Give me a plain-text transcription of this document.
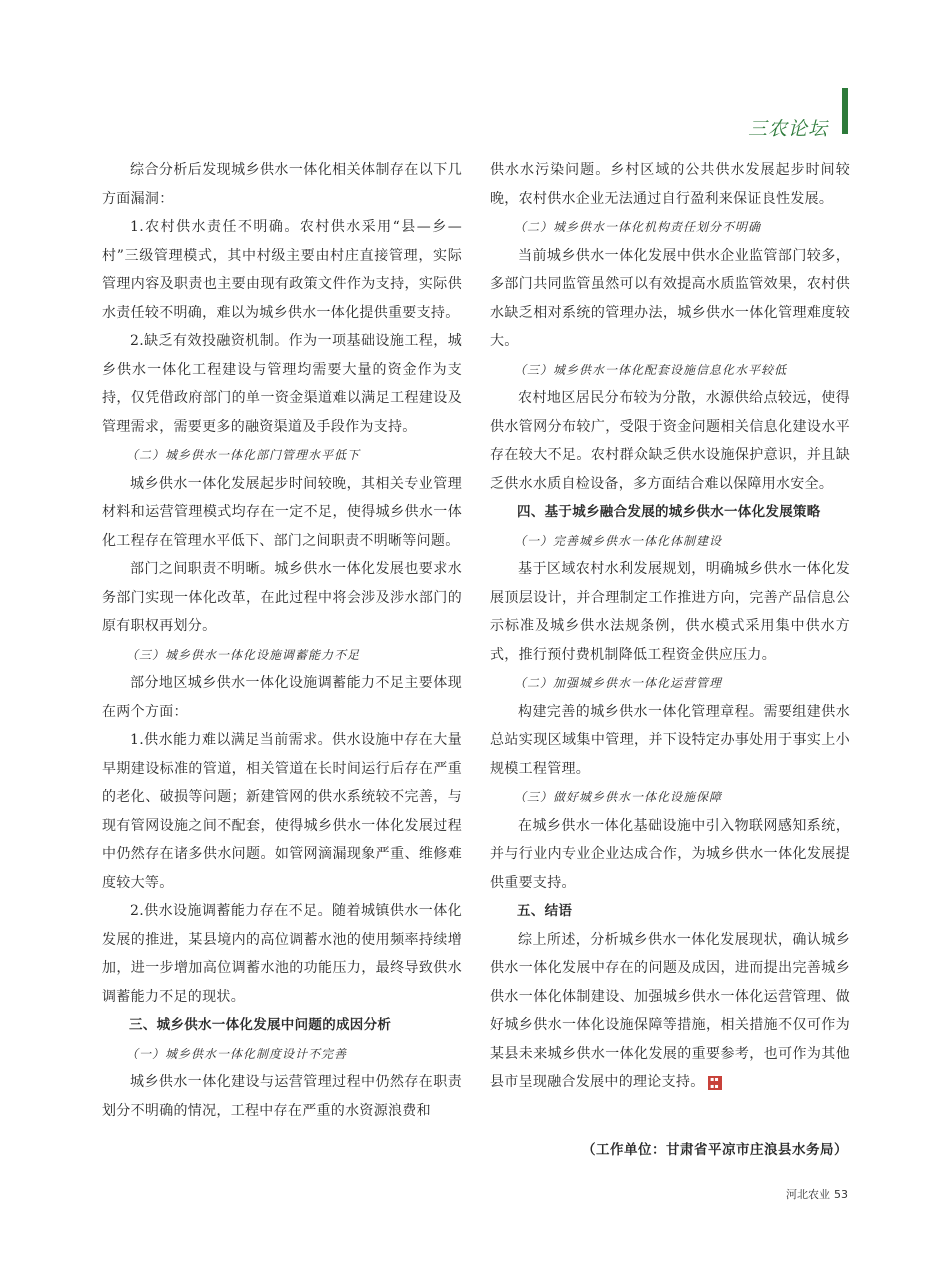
三农论坛

综合分析后发现城乡供水一体化相关体制存在以下几方面漏洞：

1.农村供水责任不明确。农村供水采用“县—乡—村”三级管理模式，其中村级主要由村庄直接管理，实际管理内容及职责也主要由现有政策文件作为支持，实际供水责任较不明确，难以为城乡供水一体化提供重要支持。

2.缺乏有效投融资机制。作为一项基础设施工程，城乡供水一体化工程建设与管理均需要大量的资金作为支持，仅凭借政府部门的单一资金渠道难以满足工程建设及管理需求，需要更多的融资渠道及手段作为支持。

（二）城乡供水一体化部门管理水平低下

城乡供水一体化发展起步时间较晚，其相关专业管理材料和运营管理模式均存在一定不足，使得城乡供水一体化工程存在管理水平低下、部门之间职责不明晰等问题。

部门之间职责不明晰。城乡供水一体化发展也要求水务部门实现一体化改革，在此过程中将会涉及涉水部门的原有职权再划分。

（三）城乡供水一体化设施调蓄能力不足

部分地区城乡供水一体化设施调蓄能力不足主要体现在两个方面：

1.供水能力难以满足当前需求。供水设施中存在大量早期建设标准的管道，相关管道在长时间运行后存在严重的老化、破损等问题；新建管网的供水系统较不完善，与现有管网设施之间不配套，使得城乡供水一体化发展过程中仍然存在诸多供水问题。如管网滴漏现象严重、维修难度较大等。

2.供水设施调蓄能力存在不足。随着城镇供水一体化发展的推进，某县境内的高位调蓄水池的使用频率持续增加，进一步增加高位调蓄水池的功能压力，最终导致供水调蓄能力不足的现状。

三、城乡供水一体化发展中问题的成因分析

（一）城乡供水一体化制度设计不完善

城乡供水一体化建设与运营管理过程中仍然存在职责划分不明确的情况，工程中存在严重的水资源浪费和

供水水污染问题。乡村区域的公共供水发展起步时间较晚，农村供水企业无法通过自行盈利来保证良性发展。

（二）城乡供水一体化机构责任划分不明确

当前城乡供水一体化发展中供水企业监管部门较多，多部门共同监管虽然可以有效提高水质监管效果，农村供水缺乏相对系统的管理办法，城乡供水一体化管理难度较大。

（三）城乡供水一体化配套设施信息化水平较低

农村地区居民分布较为分散，水源供给点较远，使得供水管网分布较广，受限于资金问题相关信息化建设水平存在较大不足。农村群众缺乏供水设施保护意识，并且缺乏供水水质自检设备，多方面结合难以保障用水安全。

四、基于城乡融合发展的城乡供水一体化发展策略

（一）完善城乡供水一体化体制建设

基于区域农村水利发展规划，明确城乡供水一体化发展顶层设计，并合理制定工作推进方向，完善产品信息公示标准及城乡供水法规条例，供水模式采用集中供水方式，推行预付费机制降低工程资金供应压力。

（二）加强城乡供水一体化运营管理

构建完善的城乡供水一体化管理章程。需要组建供水总站实现区域集中管理，并下设特定办事处用于事实上小规模工程管理。

（三）做好城乡供水一体化设施保障

在城乡供水一体化基础设施中引入物联网感知系统，并与行业内专业企业达成合作，为城乡供水一体化发展提供重要支持。

五、结语

综上所述，分析城乡供水一体化发展现状，确认城乡供水一体化发展中存在的问题及成因，进而提出完善城乡供水一体化体制建设、加强城乡供水一体化运营管理、做好城乡供水一体化设施保障等措施，相关措施不仅可作为某县未来城乡供水一体化发展的重要参考，也可作为其他县市呈现融合发展中的理论支持。 ▪▪
▪▪

（工作单位：甘肃省平凉市庄浪县水务局）
河北农业 53
